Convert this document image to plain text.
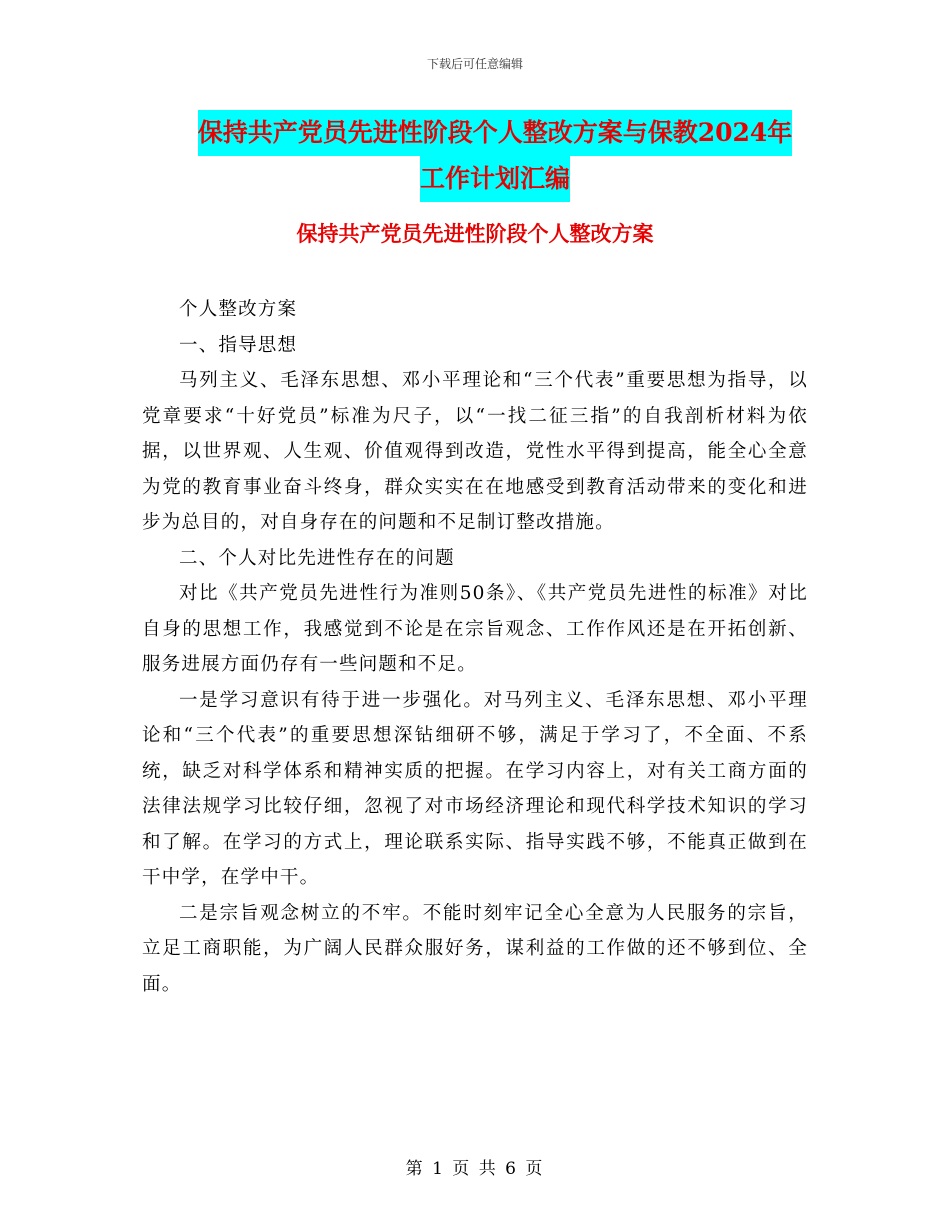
下载后可任意编辑
保持共产党员先进性阶段个人整改方案与保教2024年
工作计划汇编
保持共产党员先进性阶段个人整改方案

个人整改方案

一、指导思想

马列主义、毛泽东思想、邓小平理论和“三个代表”重要思想为指导，以党章要求“十好党员”标准为尺子，以“一找二征三指”的自我剖析材料为依据，以世界观、人生观、价值观得到改造，党性水平得到提高，能全心全意为党的教育事业奋斗终身，群众实实在在地感受到教育活动带来的变化和进步为总目的，对自身存在的问题和不足制订整改措施。

二、个人对比先进性存在的问题

对比《共产党员先进性行为准则50条》、《共产党员先进性的标准》对比自身的思想工作，我感觉到不论是在宗旨观念、工作作风还是在开拓创新、服务进展方面仍存有一些问题和不足。

一是学习意识有待于进一步强化。对马列主义、毛泽东思想、邓小平理论和“三个代表”的重要思想深钻细研不够，满足于学习了，不全面、不系统，缺乏对科学体系和精神实质的把握。在学习内容上，对有关工商方面的法律法规学习比较仔细，忽视了对市场经济理论和现代科学技术知识的学习和了解。在学习的方式上，理论联系实际、指导实践不够，不能真正做到在干中学，在学中干。

二是宗旨观念树立的不牢。不能时刻牢记全心全意为人民服务的宗旨，立足工商职能，为广阔人民群众服好务，谋利益的工作做的还不够到位、全面。

第 1 页 共 6 页
